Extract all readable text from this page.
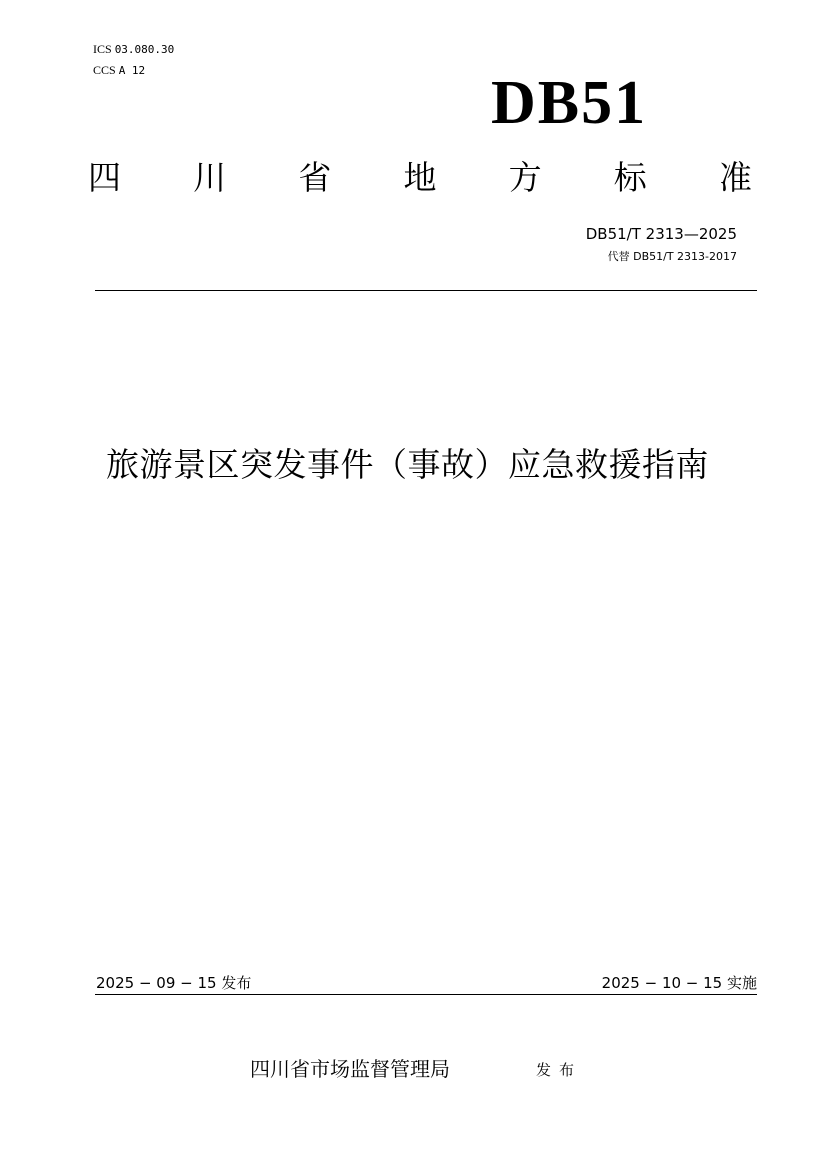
ICS 03.080.30
CCS A 12	DB51
四 川 省 地 方 标 准
DB51/T 2313—2025
代替 DB51/T 2313-2017
旅游景区突发事件（事故）应急救援指南
2025 − 09 − 15 发布	2025 − 10 − 15 实施
四川省市场监督管理局	发布
